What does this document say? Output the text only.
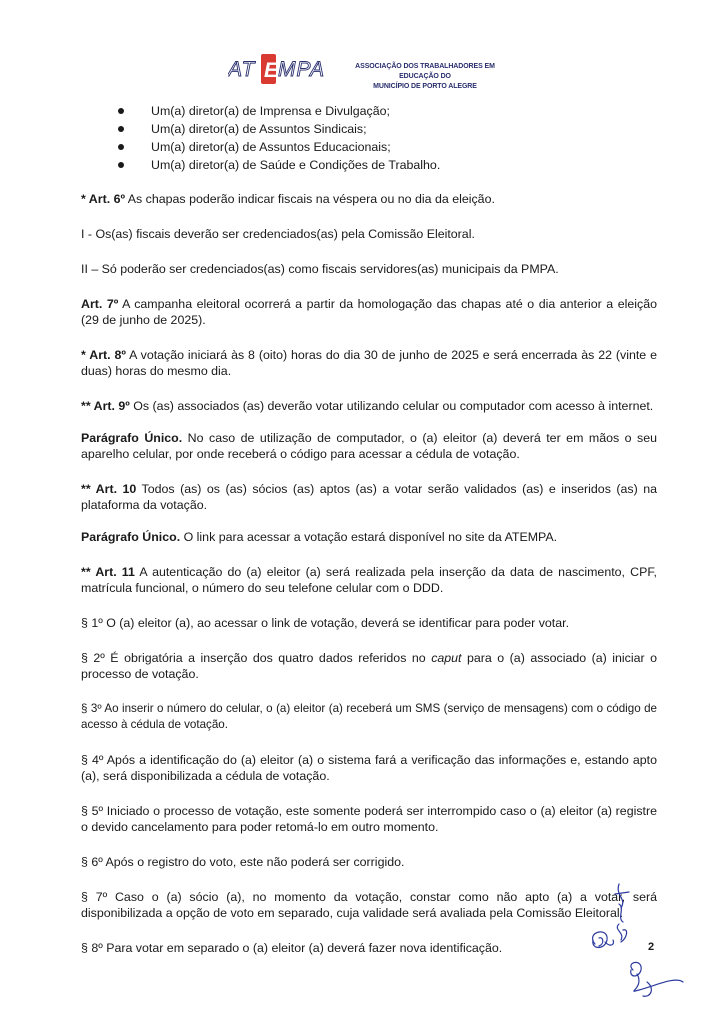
AT E MPA	ASSOCIAÇÃO DOS TRABALHADORES EM EDUCAÇÃO DO
MUNICÍPIO DE PORTO ALEGRE
Um(a) diretor(a) de Imprensa e Divulgação;
Um(a) diretor(a) de Assuntos Sindicais;
Um(a) diretor(a) de Assuntos Educacionais;
Um(a) diretor(a) de Saúde e Condições de Trabalho.

* Art. 6º As chapas poderão indicar fiscais na véspera ou no dia da eleição.

I - Os(as) fiscais deverão ser credenciados(as) pela Comissão Eleitoral.

II – Só poderão ser credenciados(as) como fiscais servidores(as) municipais da PMPA.

Art. 7º A campanha eleitoral ocorrerá a partir da homologação das chapas até o dia anterior a eleição (29 de junho de 2025).

* Art. 8º A votação iniciará às 8 (oito) horas do dia 30 de junho de 2025 e será encerrada às 22 (vinte e duas) horas do mesmo dia.

** Art. 9º Os (as) associados (as) deverão votar utilizando celular ou computador com acesso à internet.

Parágrafo Único. No caso de utilização de computador, o (a) eleitor (a) deverá ter em mãos o seu aparelho celular, por onde receberá o código para acessar a cédula de votação.

** Art. 10 Todos (as) os (as) sócios (as) aptos (as) a votar serão validados (as) e inseridos (as) na plataforma da votação.

Parágrafo Único. O link para acessar a votação estará disponível no site da ATEMPA.

** Art. 11 A autenticação do (a) eleitor (a) será realizada pela inserção da data de nascimento, CPF, matrícula funcional, o número do seu telefone celular com o DDD.

§ 1º O (a) eleitor (a), ao acessar o link de votação, deverá se identificar para poder votar.

§ 2º É obrigatória a inserção dos quatro dados referidos no caput para o (a) associado (a) iniciar o processo de votação.

§ 3º Ao inserir o número do celular, o (a) eleitor (a) receberá um SMS (serviço de mensagens) com o código de acesso à cédula de votação.

§ 4º Após a identificação do (a) eleitor (a) o sistema fará a verificação das informações e, estando apto (a), será disponibilizada a cédula de votação.

§ 5º Iniciado o processo de votação, este somente poderá ser interrompido caso o (a) eleitor (a) registre o devido cancelamento para poder retomá-lo em outro momento.

§ 6º Após o registro do voto, este não poderá ser corrigido.

§ 7º Caso o (a) sócio (a), no momento da votação, constar como não apto (a) a votar, será disponibilizada a opção de voto em separado, cuja validade será avaliada pela Comissão Eleitoral.

§ 8º Para votar em separado o (a) eleitor (a) deverá fazer nova identificação.	2
